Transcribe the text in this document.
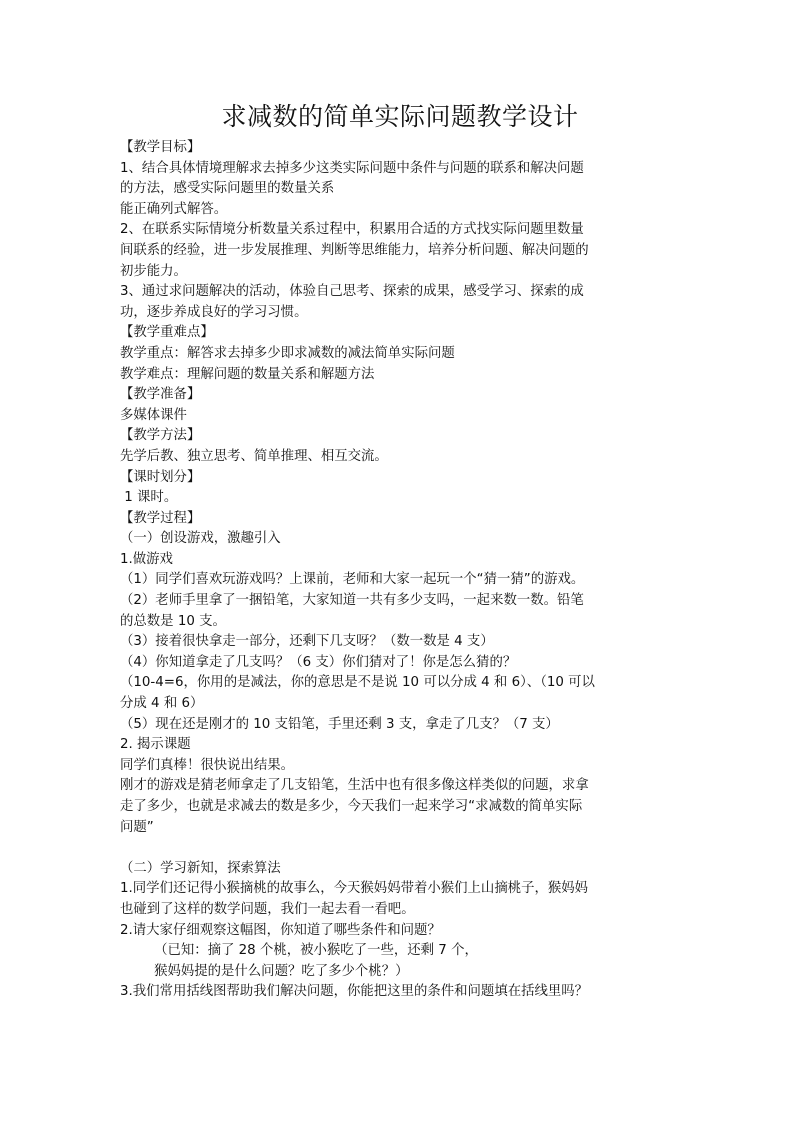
求减数的简单实际问题教学设计

【教学目标】

1、结合具体情境理解求去掉多少这类实际问题中条件与问题的联系和解决问题

的方法，感受实际问题里的数量关系

能正确列式解答。

2、在联系实际情境分析数量关系过程中，积累用合适的方式找实际问题里数量

间联系的经验，进一步发展推理、判断等思维能力，培养分析问题、解决问题的

初步能力。

3、通过求问题解决的活动，体验自己思考、探索的成果，感受学习、探索的成

功，逐步养成良好的学习习惯。

【教学重难点】

教学重点：解答求去掉多少即求减数的减法简单实际问题

教学难点：理解问题的数量关系和解题方法

【教学准备】

多媒体课件

【教学方法】

先学后教、独立思考、简单推理、相互交流。

【课时划分】

1 课时。

【教学过程】

（一）创设游戏，激趣引入

1.做游戏

（1）同学们喜欢玩游戏吗？上课前，老师和大家一起玩一个“猜一猜”的游戏。

（2）老师手里拿了一捆铅笔，大家知道一共有多少支吗，一起来数一数。铅笔

的总数是 10 支。

（3）接着很快拿走一部分，还剩下几支呀？（数一数是 4 支）

（4）你知道拿走了几支吗？（6 支）你们猜对了！你是怎么猜的？

（10-4=6，你用的是减法，你的意思是不是说 10 可以分成 4 和 6）、（10 可以

分成 4 和 6）

（5）现在还是刚才的 10 支铅笔，手里还剩 3 支，拿走了几支？（7 支）

2. 揭示课题

同学们真棒！很快说出结果。

刚才的游戏是猜老师拿走了几支铅笔，生活中也有很多像这样类似的问题，求拿

走了多少，也就是求减去的数是多少，今天我们一起来学习“求减数的简单实际

问题”

（二）学习新知，探索算法

1.同学们还记得小猴摘桃的故事么，今天猴妈妈带着小猴们上山摘桃子，猴妈妈

也碰到了这样的数学问题，我们一起去看一看吧。

2.请大家仔细观察这幅图，你知道了哪些条件和问题？

（已知：摘了 28 个桃，被小猴吃了一些，还剩 7 个，

猴妈妈提的是什么问题？吃了多少个桃？）

3.我们常用括线图帮助我们解决问题，你能把这里的条件和问题填在括线里吗？
